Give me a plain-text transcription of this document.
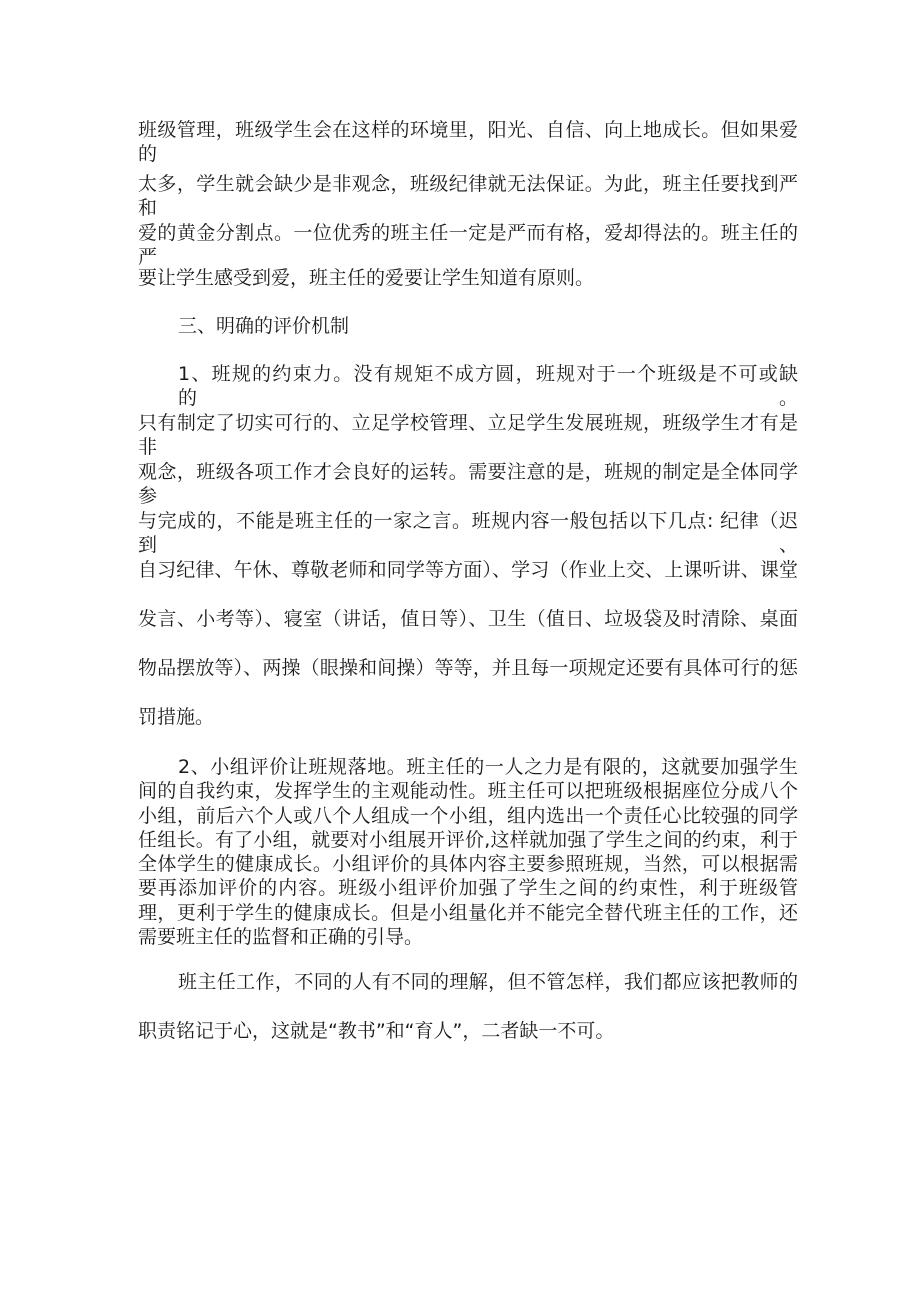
班级管理，班级学生会在这样的环境里，阳光、自信、向上地成长。但如果爱的
太多，学生就会缺少是非观念，班级纪律就无法保证。为此，班主任要找到严和
爱的黄金分割点。一位优秀的班主任一定是严而有格，爱却得法的。班主任的严
要让学生感受到爱，班主任的爱要让学生知道有原则。
三、明确的评价机制
1、班规的约束力。没有规矩不成方圆，班规对于一个班级是不可或缺的。
只有制定了切实可行的、立足学校管理、立足学生发展班规，班级学生才有是非
观念，班级各项工作才会良好的运转。需要注意的是，班规的制定是全体同学参
与完成的，不能是班主任的一家之言。班规内容一般包括以下几点: 纪律（迟到、
自习纪律、午休、尊敬老师和同学等方面）、学习（作业上交、上课听讲、课堂
发言、小考等）、寝室（讲话，值日等）、卫生（值日、垃圾袋及时清除、桌面
物品摆放等）、两操（眼操和间操）等等，并且每一项规定还要有具体可行的惩
罚措施。
2、小组评价让班规落地。班主任的一人之力是有限的，这就要加强学生间的自我约束，发挥学生的主观能动性。班主任可以把班级根据座位分成八个小组，前后六个人或八个人组成一个小组，组内选出一个责任心比较强的同学任组长。有了小组，就要对小组展开评价,这样就加强了学生之间的约束，利于全体学生的健康成长。小组评价的具体内容主要参照班规，当然，可以根据需要再添加评价的内容。班级小组评价加强了学生之间的约束性，利于班级管理，更利于学生的健康成长。但是小组量化并不能完全替代班主任的工作，还需要班主任的监督和正确的引导。
班主任工作，不同的人有不同的理解，但不管怎样，我们都应该把教师的
职责铭记于心，这就是“教书”和“育人”，二者缺一不可。
